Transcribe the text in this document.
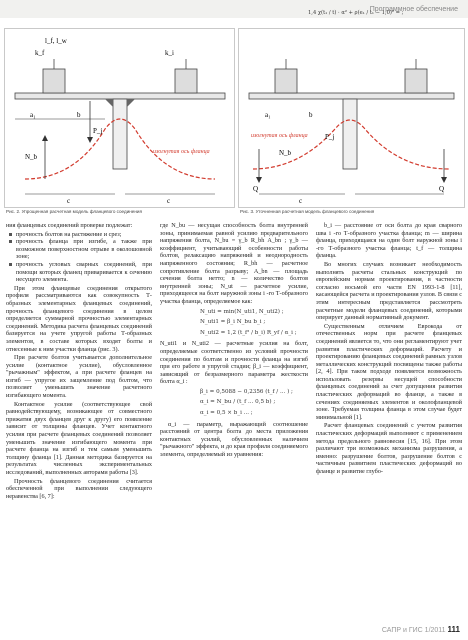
Программное обеспечение
1,4 χ(t₁ / t) · α² + ρ(e₁ / t₁ − 1,0)² = ;
l_f, l_w
k_f	k_i
a₁	b
P_j
N_b
изогнутая ось фланца
c	c
изогнутая ось фланца
Q	Q
N_b
P_j
a₁	b
c
Рис. 2. Упрощенная расчетная модель фланцевого соединения	Рис. 3. Уточненная расчетная модель фланцевого соединения

ния фланцевых соединений проверке подлежат:

прочность болтов на растяжение и срез;
прочность фланца при изгибе, а также при возможном поверхностном отрыве в околошовной зоне;
прочность угловых сварных соединений, при помощи которых фланец приваривается к сечению несущего элемента.

При этом фланцевые соединения открытого профиля рассматриваются как совокупность Т-образных элементарных фланцевых соединений, прочность фланцевого соединения в целом определяется суммарной прочностью элементарных соединений. Методика расчета фланцевых соединений базируется на учете упругой работы Т-образных элементов, в составе которых входят болты и отнесенные к ним участки фланца (рис. 3).

При расчете болтов учитывается дополнительное усилие (контактное усилие), обусловленное "рычажным" эффектом, а при расчете фланцев на изгиб — упругое их защемление под болтом, что позволяет уменьшить значение расчетного изгибающего момента.

Контактное усилие (соответствующее свой равнодействующему, возникающее от совместного прижатия двух фланцев друг к другу) его появление зависит от толщины фланцев. Учет контактного усилия при расчете фланцевых соединений позволяет уменьшить значение изгибающего момента при расчете фланца на изгиб и тем самым уменьшить толщину фланца [1]. Данная методика базируется на результатах численных экспериментальных исследований, выполненных авторами работы [3].

Прочность фланцевого соединения считается обеспеченной при выполнении следующего неравенства [6, 7]:

где N_bu — несущая способность болта внутренней зоны, принимаемая равной усилию предварительного напряжения болта, N_bu = γ_b R_bh A_bn ; γ_b — коэффициент, учитывающий особенности работы болтов, релаксацию напряжений и неоднородность напряженного состояния; R_bh — расчетное сопротивление болта разрыву; A_bn — площадь сечения болта нетто; n — количество болтов внутренней зоны; N_ut — расчетное усилие, приходящееся на болт наружной зоны i -го Т-образного участка фланца, определяемое как:

N_uti = min(N_uti1, N_uti2) ;
N_uti1 = β_i N_bu b_i ;
N_uti2 = 1,2 (t_f² / b_i) R_yf / α_i ;

N_uti1 и N_uti2 — расчетные усилия на болт, определяемые соответственно из условий прочности соединения по болтам и прочности фланца на изгиб при его работе в упругой стадии; β_i — коэффициент, зависящий от безразмерного параметра жесткости болта α_i :

β_i = 0,5088 − 0,2356 (t_f / ... ) ;
α_i = N_bu / (t_f ... 0,5 b) ;
α_i = 0,5 × b_i ... ;

α_i — параметр, выражающий соотношение расстояний от центра болта до места приложения контактных усилий, обусловленных наличием "рычажного" эффекта, и до края профиля соединяемого элемента, определяемый из уравнения:

b_i — расстояние от оси болта до края сварного шва i -го Т-образного участка фланца; m — ширина фланца, приходящаяся на один болт наружной зоны i -го Т-образного участка фланца; t_f — толщина фланца.

Во многих случаях возникает необходимость выполнять расчеты стальных конструкций по европейским нормам проектирования, в частности согласно восьмой его части EN 1993-1-8 [11], касающейся расчета и проектирования узлов. В связи с этим интересным представляется рассмотреть расчетные модели фланцевых соединений, которыми оперирует данный нормативный документ.

Существенным отличием Еврокода от отечественных норм при расчете фланцевых соединений является то, что они регламентируют учет развития пластических деформаций. Расчету и проектированию фланцевых соединений рамных узлов металлических конструкций посвящены также работы [2, 4]. При таком подходе появляется возможность использовать резервы несущей способности фланцевых соединений за счет допущения развития пластических деформаций во фланце, а также в сечениях соединяемых элементов и околофланцевой зоне. Требуемая толщина фланца в этом случае будет минимальной [1].

Расчет фланцевых соединений с учетом развития пластических деформаций выполняют с применением метода предельного равновесия [15, 16]. При этом различают три возможных механизма разрушения, а именно: разрушение болтов, разрушение болтов с частичным развитием пластических деформаций во фланце и развитие глубо-

САПР и ГИС 1/2011 111
